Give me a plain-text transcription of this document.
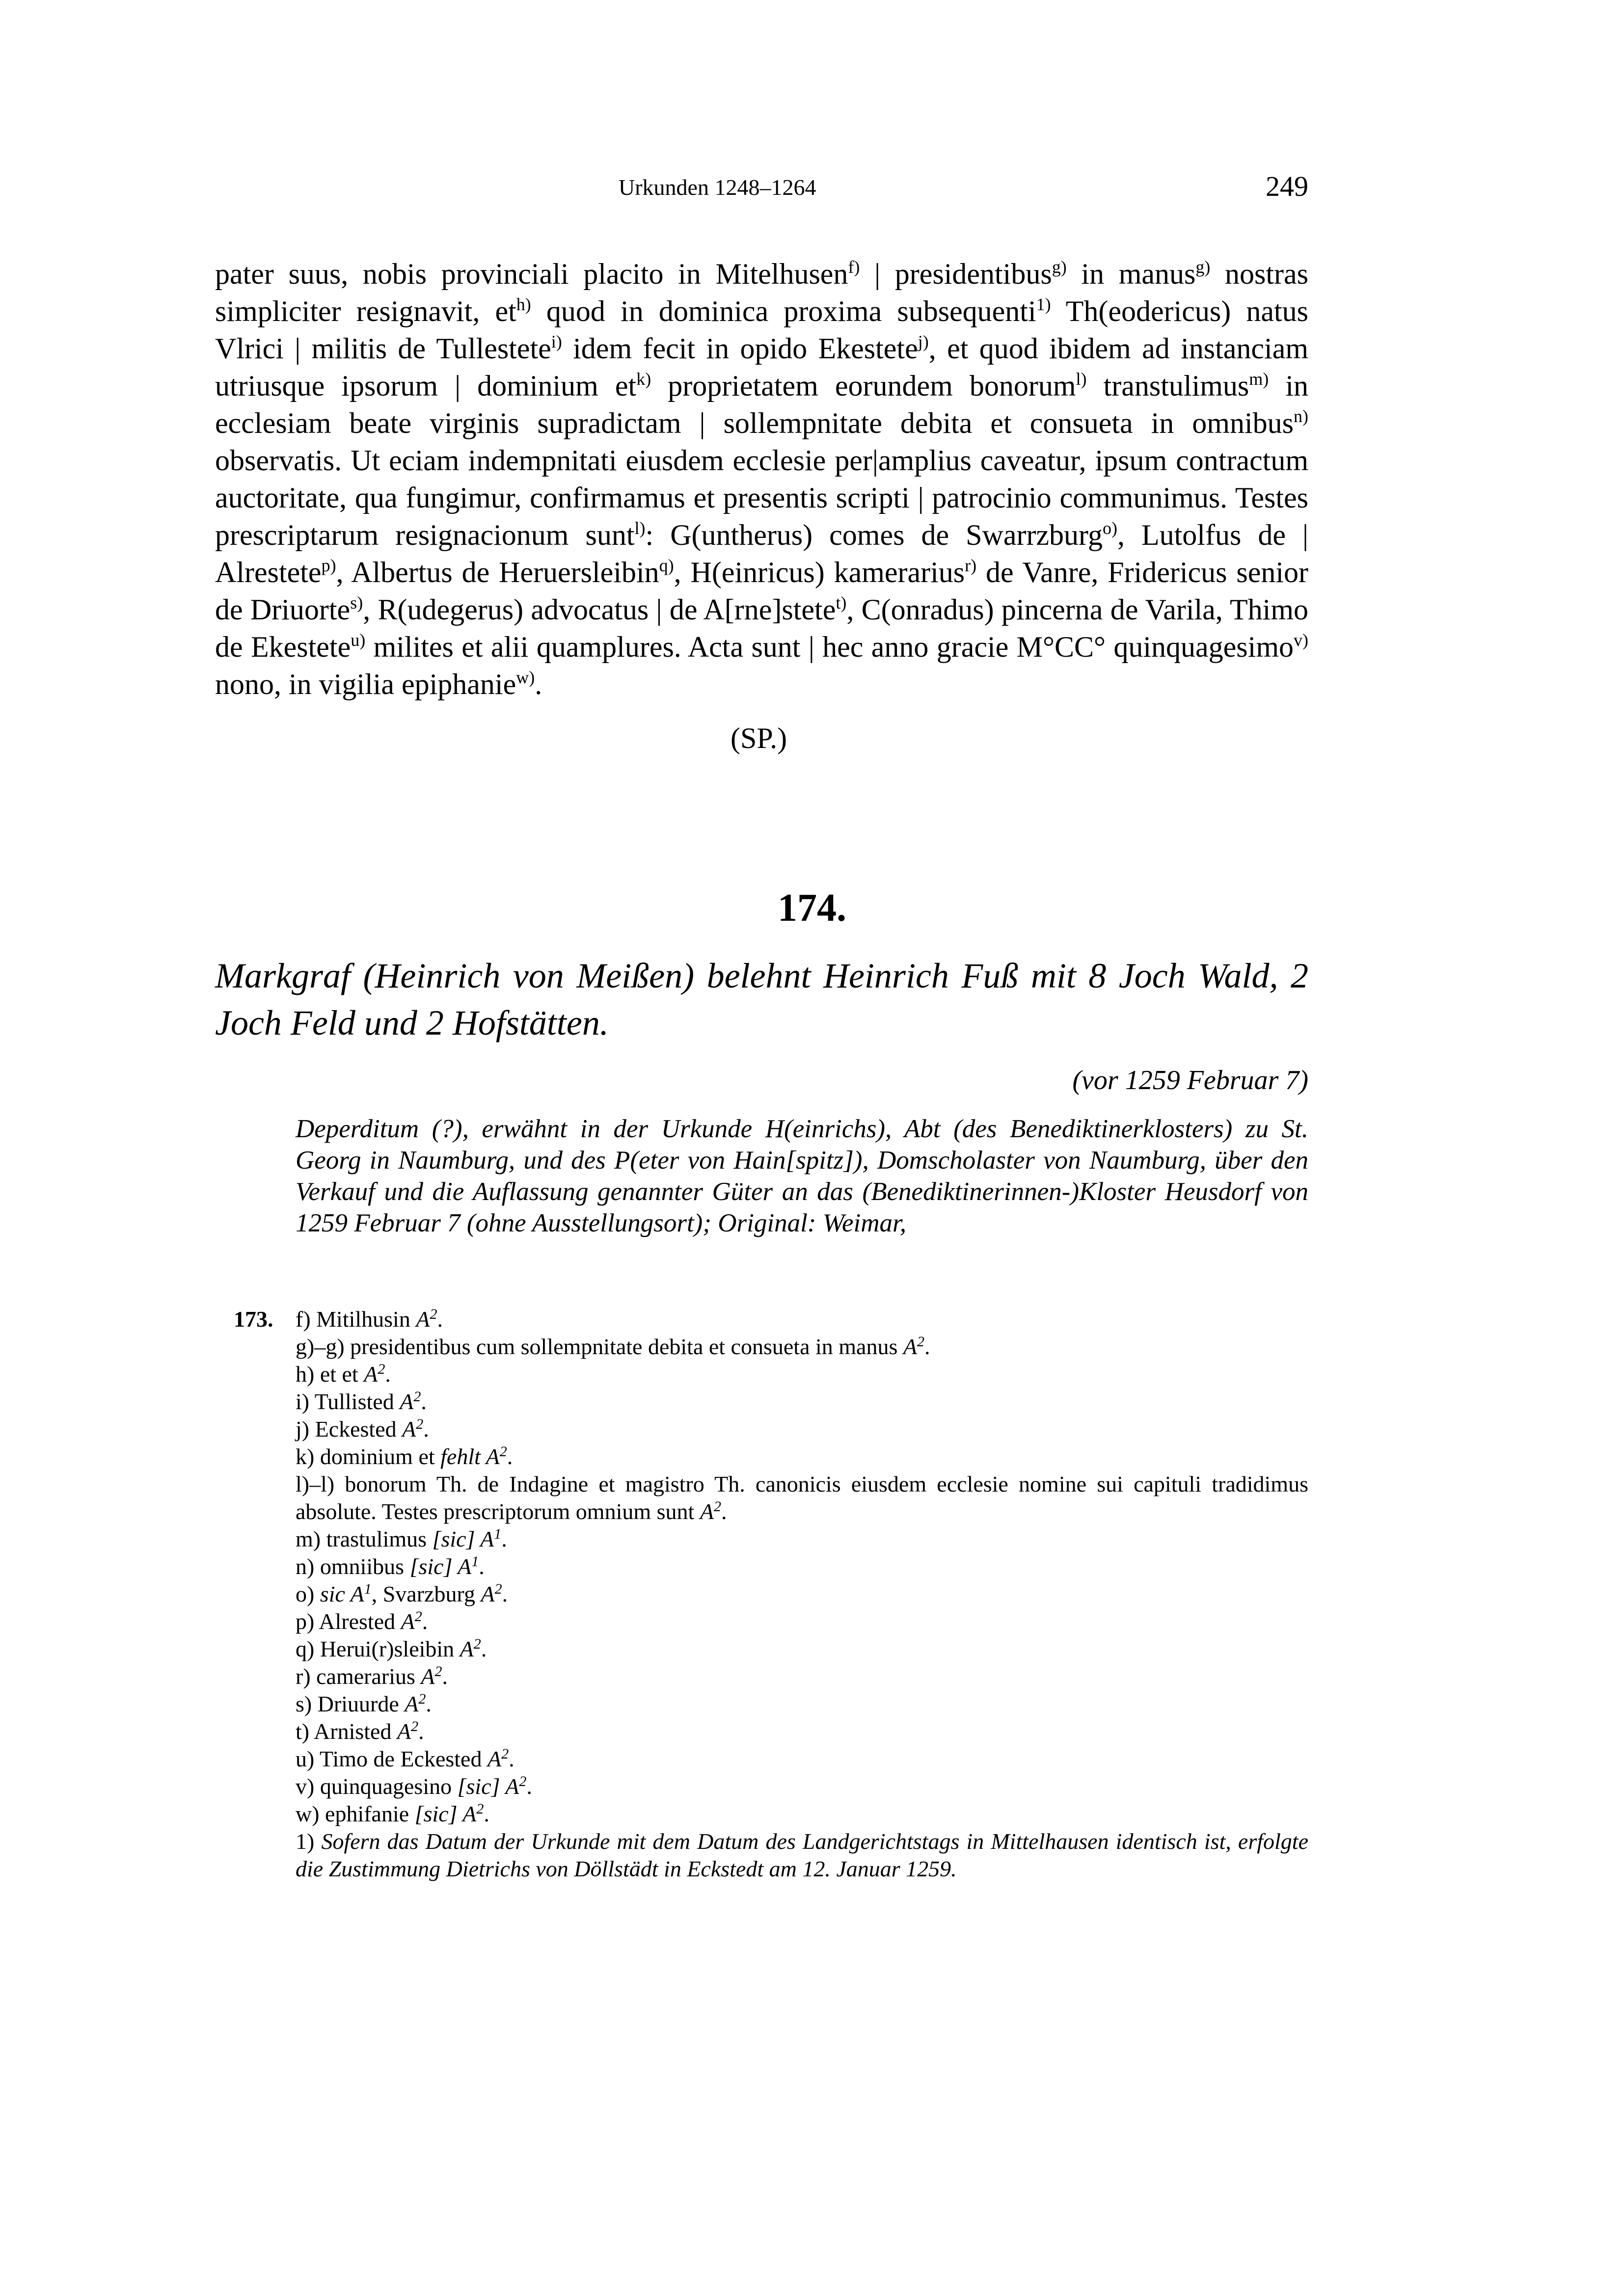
Urkunden 1248–1264	249

pater suus, nobis provinciali placito in Mitelhusen$^{f)}$ | presidentibus$^{g)}$ in manus$^{g)}$ nostras simpliciter resignavit, $et^{h)}$ quod in dominica proxima subsequenti$^{1)}$ Th(eodericus) natus Vlrici | militis de Tullestete$^{i)}$ idem fecit in opido Ekestete$^{j)}$, et quod ibidem ad instanciam utriusque ipsorum | dominium $et^{k)}$ proprietatem eorundem bonorum$^{l)}$ transtulimus$^{m)}$ in ecclesiam beate virginis supradictam | sollempnitate debita et consueta in omnibus$^{n)}$ observatis. Ut eciam indempnitati eiusdem ecclesie per|amplius caveatur, ipsum contractum auctoritate, qua fungimur, confirmamus et presentis scripti | patrocinio communimus. Testes prescriptarum resignacionum sunt$^{l)}$: G(untherus) comes de Swarrzburg$^{o)}$, Lutolfus de | Alrestete$^{p)}$, Albertus de Heruersleibin$^{q)}$, H(einricus) kamerarius$^{r)}$ de Vanre, Fridericus senior de Driuorte$^{s)}$, R(udegerus) advocatus | de A[rne]stete$^{t)}$, C(onradus) pincerna de Varila, Thimo de Ekestete$^{u)}$ milites et alii quamplures. Acta sunt | hec anno gracie M°CC° quinquagesimo$^{v)}$ nono, in vigilia epiphanie$^{w)}$.

(SP.)
174.
Markgraf (Heinrich von Meißen) belehnt Heinrich Fuß mit 8 Joch Wald, 2 Joch Feld und 2 Hofstätten.
(vor 1259 Februar 7)
Deperditum (?), erwähnt in der Urkunde H(einrichs), Abt (des Benediktinerklosters) zu St. Georg in Naumburg, und des P(eter von Hain[spitz]), Domscholaster von Naumburg, über den Verkauf und die Auflassung genannter Güter an das (Benediktinerinnen-)Kloster Heusdorf von 1259 Februar 7 (ohne Ausstellungsort); Original: Weimar,
173. f) Mitilhusin $A^2$.
g)–g) presidentibus cum sollempnitate debita et consueta in manus $A^2$.
h) et et $A^2$.
i) Tullisted $A^2$.
j) Eckested $A^2$.
k) dominium et fehlt $A^2$.
l)–l) bonorum Th. de Indagine et magistro Th. canonicis eiusdem ecclesie nomine sui capituli tradidimus absolute. Testes prescriptorum omnium sunt $A^2$.
m) trastulimus [sic] $A^1$.
n) omniibus [sic] $A^1$.
o) sic $A^1$, Svarzburg $A^2$.
p) Alrested $A^2$.
q) Herui(r)sleibin $A^2$.
r) camerarius $A^2$.
s) Driuurde $A^2$.
t) Arnisted $A^2$.
u) Timo de Eckested $A^2$.
v) quinquagesino [sic] $A^2$.
w) ephifanie [sic] $A^2$.
1) Sofern das Datum der Urkunde mit dem Datum des Landgerichtstags in Mittelhausen identisch ist, erfolgte die Zustimmung Dietrichs von Döllstädt in Eckstedt am 12. Januar 1259.
